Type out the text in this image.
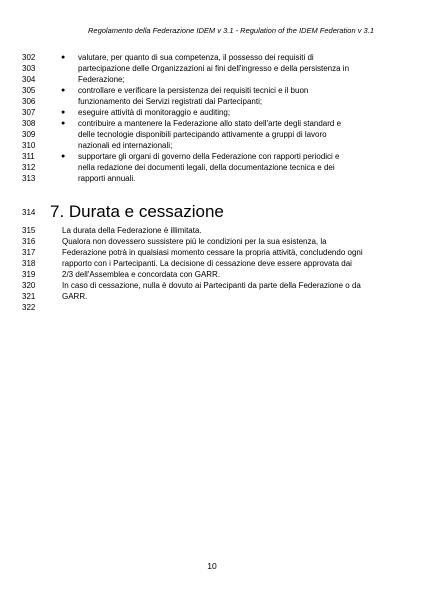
Regolamento della Federazione IDEM v 3.1 - Regulation of the IDEM Federation v 3.1
302	● valutare, per quanto di sua competenza, il possesso dei requisiti di
303	partecipazione delle Organizzazioni ai fini dell'ingresso e della persistenza in
304	Federazione;
305	● controllare e verificare la persistenza dei requisiti tecnici e il buon
306	funzionamento dei Servizi registrati dai Partecipanti;
307	● eseguire attività di monitoraggio e auditing;
308	● contribuire a mantenere la Federazione allo stato dell'arte degli standard e
309	delle tecnologie disponibili partecipando attivamente a gruppi di lavoro
310	nazionali ed internazionali;
311	● supportare gli organi di governo della Federazione con rapporti periodici e
312	nella redazione dei documenti legali, della documentazione tecnica e dei
313	rapporti annuali.
314 7. Durata e cessazione
315	La durata della Federazione è illimitata.
316	Qualora non dovessero sussistere più le condizioni per la sua esistenza, la
317	Federazione potrà in qualsiasi momento cessare la propria attività, concludendo ogni
318	rapporto con i Partecipanti. La decisione di cessazione deve essere approvata dai
319	2/3 dell'Assemblea e concordata con GARR.
320	In caso di cessazione, nulla è dovuto ai Partecipanti da parte della Federazione o da
321	GARR.
322
10
